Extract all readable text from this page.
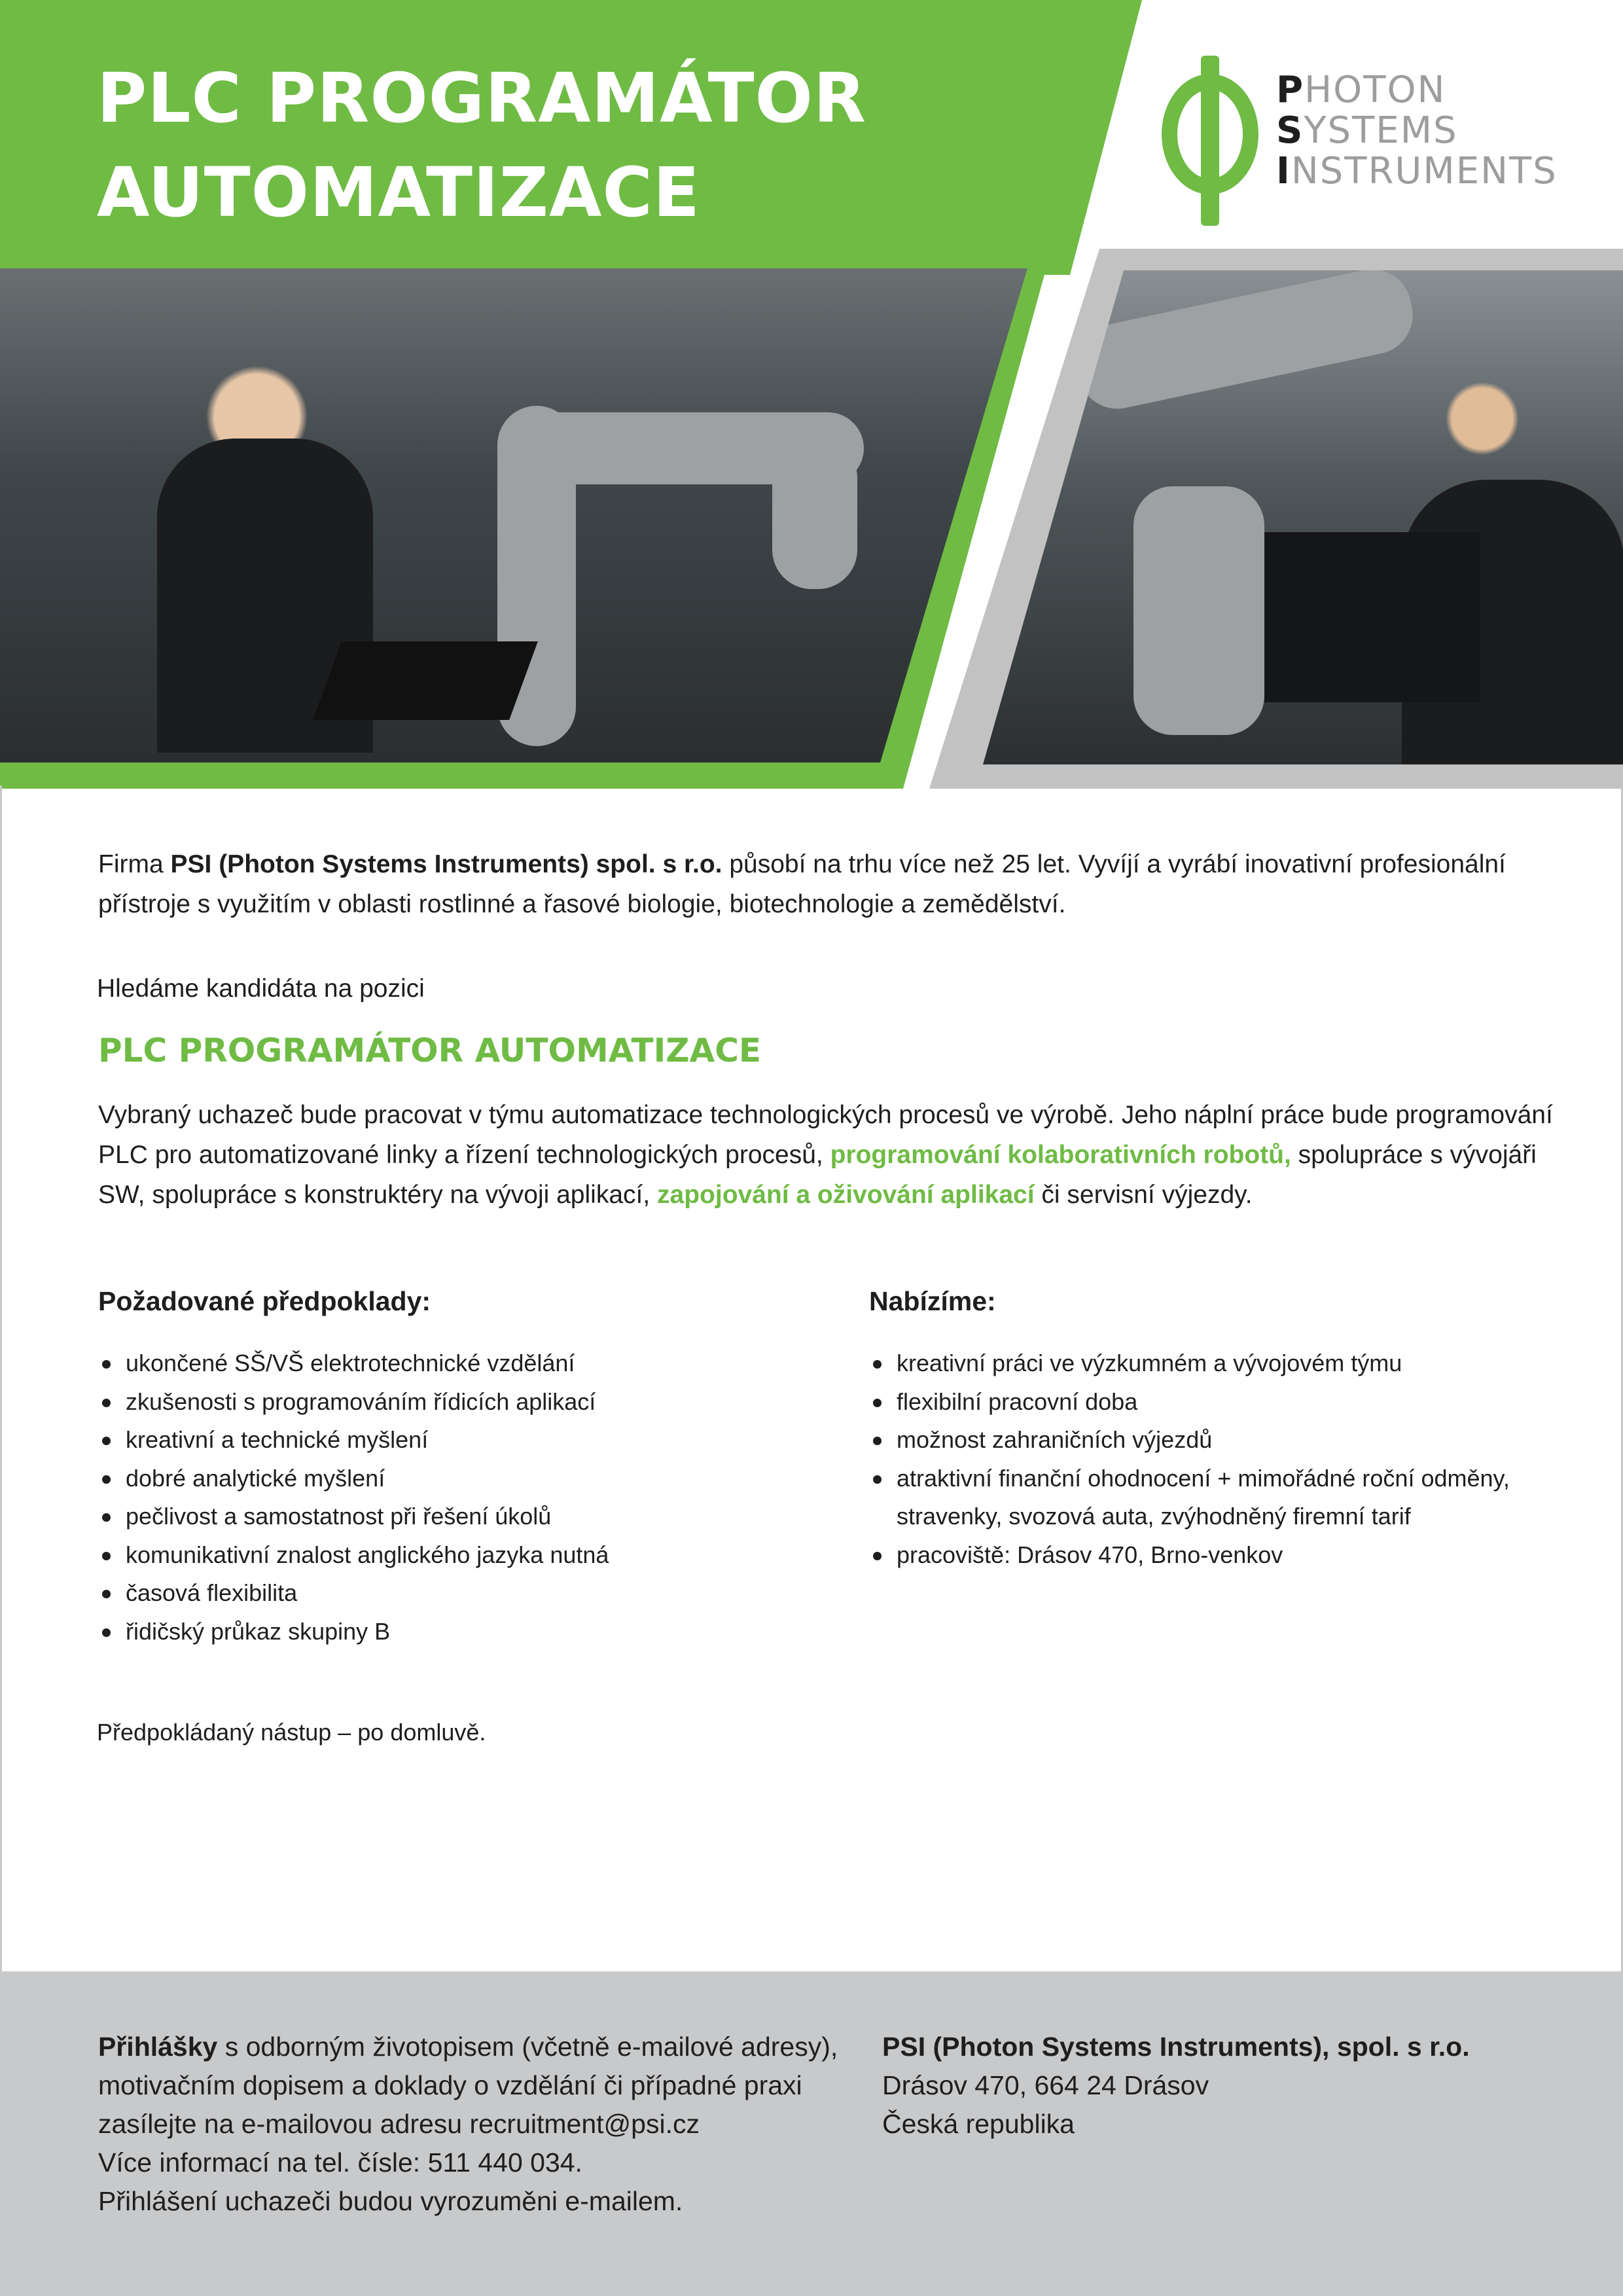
PLC PROGRAMÁTOR
AUTOMATIZACE
PHOTON
SYSTEMS
INSTRUMENTS

Firma PSI (Photon Systems Instruments) spol. s r.o. působí na trhu více než 25 let. Vyvíjí a vyrábí inovativní profesionální přístroje s využitím v oblasti rostlinné a řasové biologie, biotechnologie a zemědělství.

Hledáme kandidáta na pozici

PLC PROGRAMÁTOR AUTOMATIZACE

Vybraný uchazeč bude pracovat v týmu automatizace technologických procesů ve výrobě. Jeho náplní práce bude programování PLC pro automatizované linky a řízení technologických procesů, programování kolaborativních robotů, spolupráce s vývojáři SW, spolupráce s konstruktéry na vývoji aplikací, zapojování a oživování aplikací či servisní výjezdy.

Požadované předpoklady:
ukončené SŠ/VŠ elektrotechnické vzdělání
zkušenosti s programováním řídicích aplikací
kreativní a technické myšlení
dobré analytické myšlení
pečlivost a samostatnost při řešení úkolů
komunikativní znalost anglického jazyka nutná
časová flexibilita
řidičský průkaz skupiny B
Nabízíme:
kreativní práci ve výzkumném a vývojovém týmu
flexibilní pracovní doba
možnost zahraničních výjezdů
atraktivní finanční ohodnocení + mimořádné roční odměny, stravenky, svozová auta, zvýhodněný firemní tarif
pracoviště: Drásov 470, Brno-venkov

Předpokládaný nástup – po domluvě.

Přihlášky s odborným životopisem (včetně e-mailové adresy), motivačním dopisem a doklady o vzdělání či případné praxi zasílejte na e-mailovou adresu recruitment@psi.cz

Více informací na tel. čísle: 511 440 034.

Přihlášení uchazeči budou vyrozuměni e-mailem.

PSI (Photon Systems Instruments), spol. s r.o.

Drásov 470, 664 24 Drásov

Česká republika
